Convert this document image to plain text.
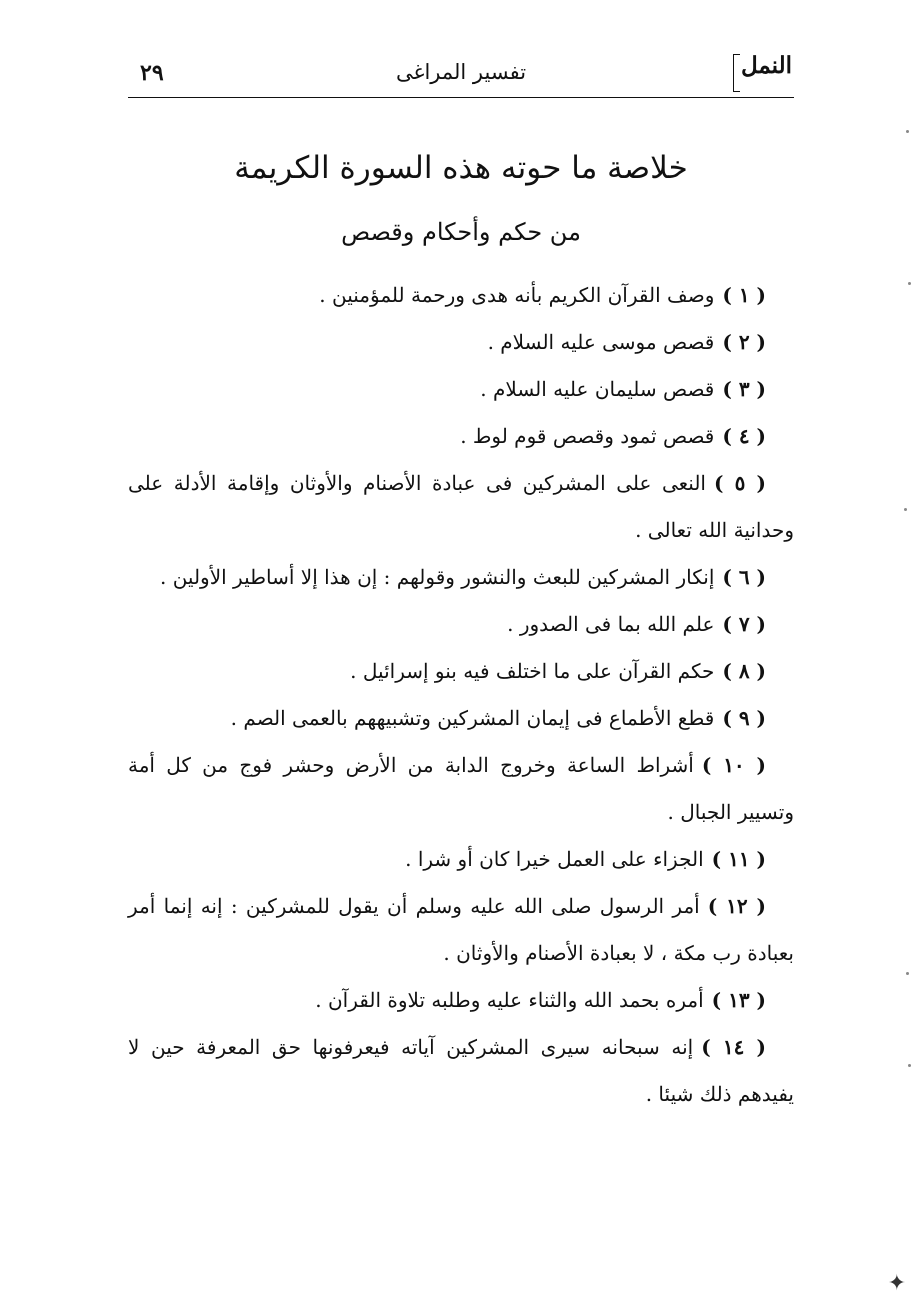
٢٩	تفسير المراغى	النمل
خلاصة ما حوته هذه السورة الكريمة
من حكم وأحكام وقصص

( ١ )وصف القرآن الكريم بأنه هدى ورحمة للمؤمنين .

( ٢ )قصص موسى عليه السلام .

( ٣ )قصص سليمان عليه السلام .

( ٤ )قصص ثمود وقصص قوم لوط .

( ٥ )النعى على المشركين فى عبادة الأصنام والأوثان وإقامة الأدلة على وحدانية الله تعالى .

( ٦ )إنكار المشركين للبعث والنشور وقولهم : إن هذا إلا أساطير الأولين .

( ٧ )علم الله بما فى الصدور .

( ٨ )حكم القرآن على ما اختلف فيه بنو إسرائيل .

( ٩ )قطع الأطماع فى إيمان المشركين وتشبيههم بالعمى الصم .

( ١٠ )أشراط الساعة وخروج الدابة من الأرض وحشر فوج من كل أمة وتسيير الجبال .

( ١١ )الجزاء على العمل خيرا كان أو شرا .

( ١٢ )أمر الرسول صلى الله عليه وسلم أن يقول للمشركين : إنه إنما أمر بعبادة رب مكة ، لا بعبادة الأصنام والأوثان .

( ١٣ )أمره بحمد الله والثناء عليه وطلبه تلاوة القرآن .

( ١٤ )إنه سبحانه سيرى المشركين آياته فيعرفونها حق المعرفة حين لا يفيدهم ذلك شيئا .

✦
